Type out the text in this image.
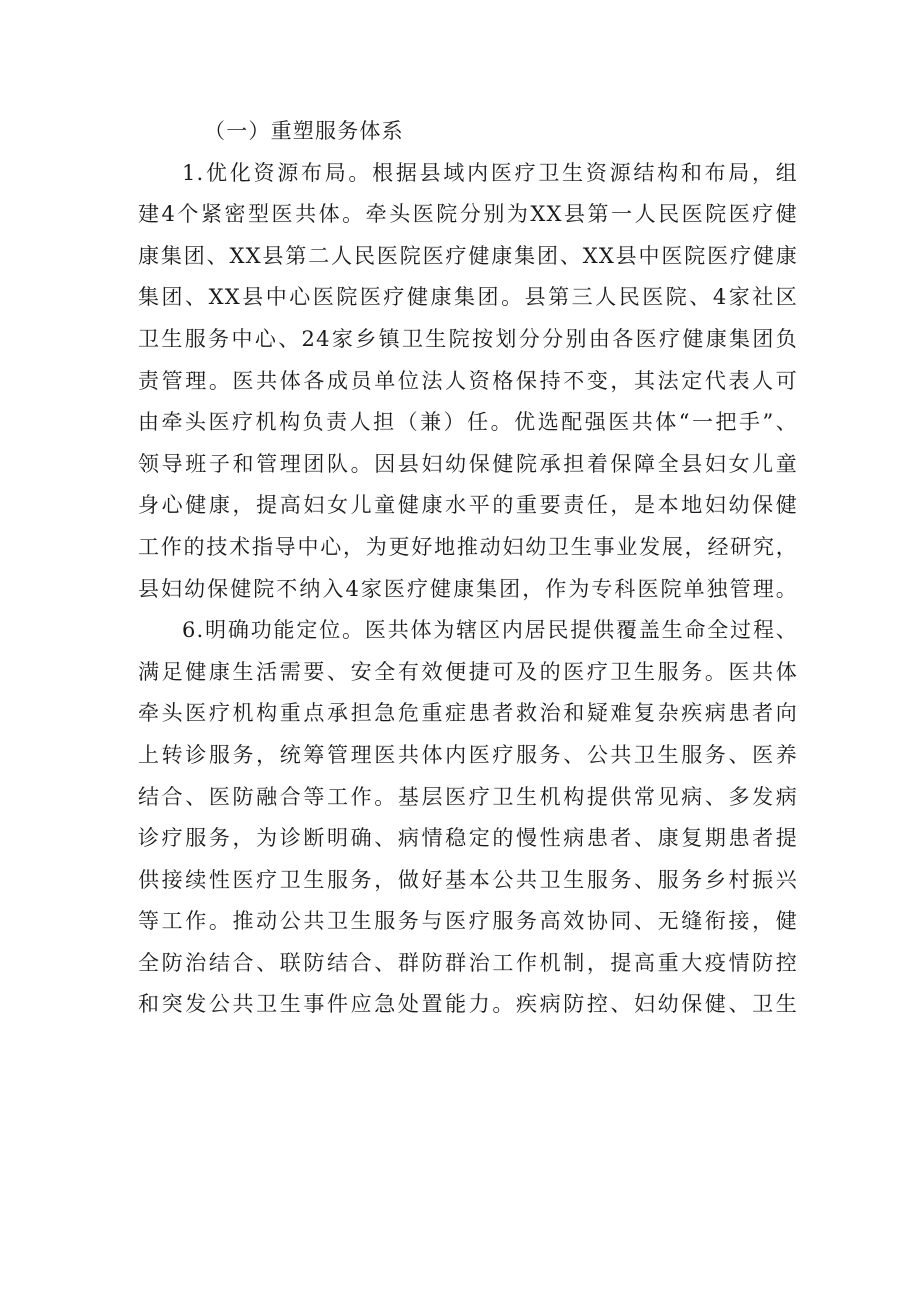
（一）重塑服务体系
1.优化资源布局。根据县域内医疗卫生资源结构和布局，组
建4个紧密型医共体。牵头医院分别为XX县第一人民医院医疗健
康集团、XX县第二人民医院医疗健康集团、XX县中医院医疗健康
集团、XX县中心医院医疗健康集团。县第三人民医院、4家社区
卫生服务中心、24家乡镇卫生院按划分分别由各医疗健康集团负
责管理。医共体各成员单位法人资格保持不变，其法定代表人可
由牵头医疗机构负责人担（兼）任。优选配强医共体“一把手”、
领导班子和管理团队。因县妇幼保健院承担着保障全县妇女儿童
身心健康，提高妇女儿童健康水平的重要责任，是本地妇幼保健
工作的技术指导中心，为更好地推动妇幼卫生事业发展，经研究，
县妇幼保健院不纳入4家医疗健康集团，作为专科医院单独管理。
6.明确功能定位。医共体为辖区内居民提供覆盖生命全过程、
满足健康生活需要、安全有效便捷可及的医疗卫生服务。医共体
牵头医疗机构重点承担急危重症患者救治和疑难复杂疾病患者向
上转诊服务，统筹管理医共体内医疗服务、公共卫生服务、医养
结合、医防融合等工作。基层医疗卫生机构提供常见病、多发病
诊疗服务，为诊断明确、病情稳定的慢性病患者、康复期患者提
供接续性医疗卫生服务，做好基本公共卫生服务、服务乡村振兴
等工作。推动公共卫生服务与医疗服务高效协同、无缝衔接，健
全防治结合、联防结合、群防群治工作机制，提高重大疫情防控
和突发公共卫生事件应急处置能力。疾病防控、妇幼保健、卫生
